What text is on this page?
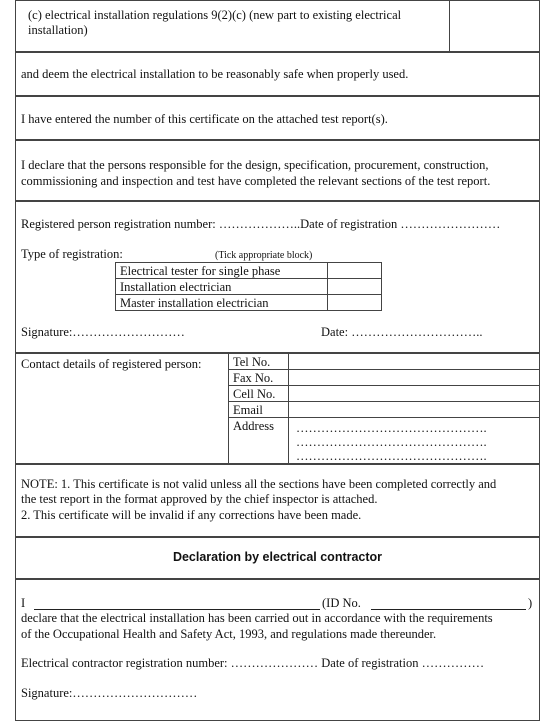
(c) electrical installation regulations 9(2)(c) (new part to existing electrical
installation)
and deem the electrical installation to be reasonably safe when properly used.
I have entered the number of this certificate on the attached test report(s).
I declare that the persons responsible for the design, specification, procurement, construction,
commissioning and inspection and test have completed the relevant sections of the test report.
Registered person registration number: ………………..Date of registration ……………………
Type of registration:	(Tick appropriate block)
Electrical tester for single phase
Installation electrician
Master installation electrician
Signature:………………………	Date: …………………………..
Contact details of registered person:	Tel No.
Fax No.
Cell No.
Email
Address ……………………………………….
……………………………………….
……………………………………….
NOTE: 1. This certificate is not valid unless all the sections have been completed correctly and
the test report in the format approved by the chief inspector is attached.
2. This certificate will be invalid if any corrections have been made.
Declaration by electrical contractor
I	(ID No.	)
declare that the electrical installation has been carried out in accordance with the requirements
of the Occupational Health and Safety Act, 1993, and regulations made thereunder.
Electrical contractor registration number: ………………… Date of registration ……………
Signature:…………………………
